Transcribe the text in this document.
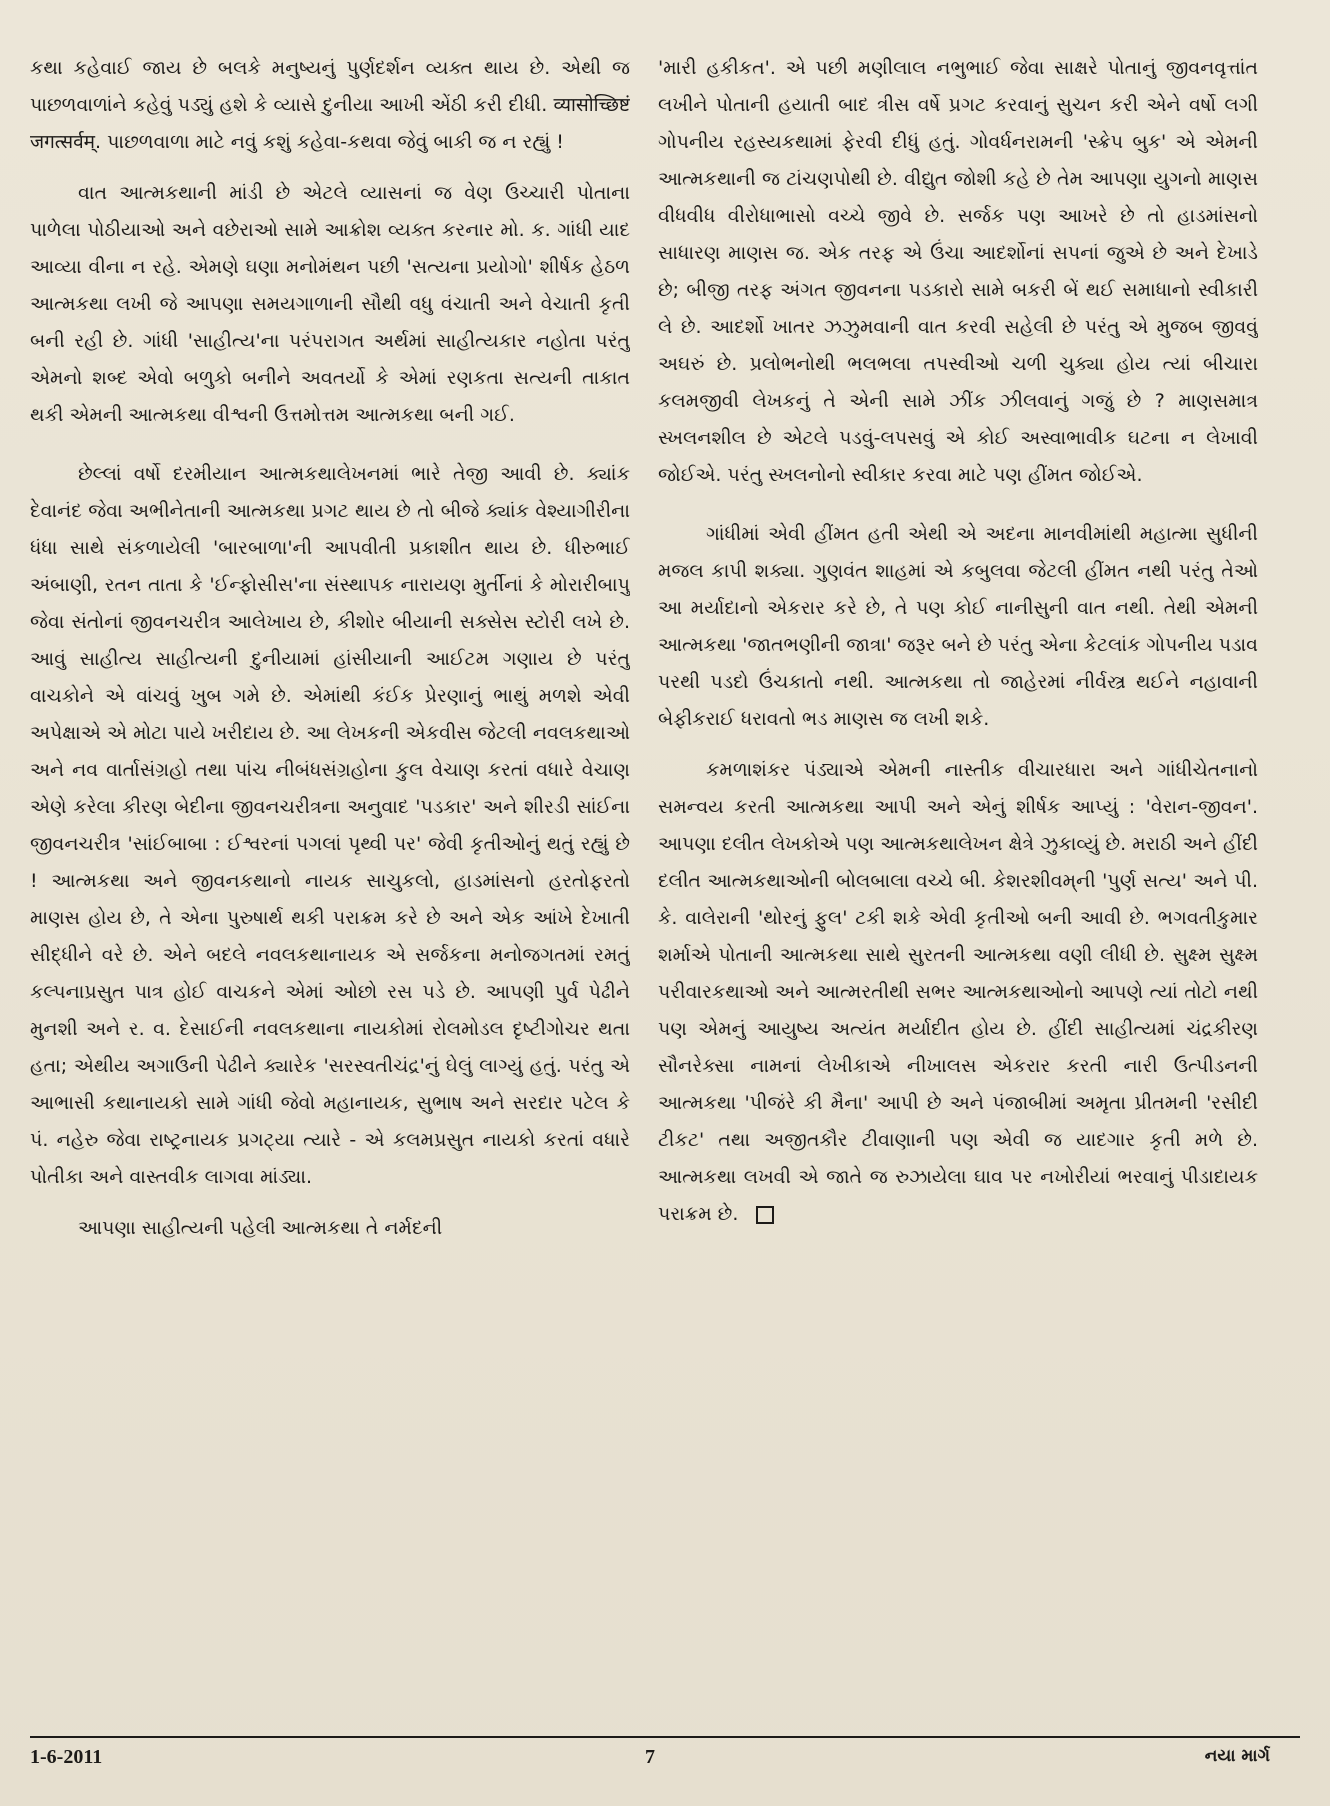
કથા કહેવાઈ જાય છે બલકે મનુષ્યનું પુર્ણદર્શન વ્યક્ત થાય છે. એથી જ પાછળવાળાંને કહેવું પડ્યું હશે કે વ્યાસે દુનીયા આખી એંઠી કરી દીધી. व्यासोच्छिष्टं जगत्सर्वम्. પાછળવાળા માટે નવું કશું કહેવા-કથવા જેવું બાકી જ ન રહ્યું !

વાત આત્મકથાની માંડી છે એટલે વ્યાસનાં જ વેણ ઉચ્ચારી પોતાના પાળેલા પોઠીયાઓ અને વછેરાઓ સામે આક્રોશ વ્યક્ત કરનાર મો. ક. ગાંધી યાદ આવ્યા વીના ન રહે. એમણે ઘણા મનોમંથન પછી 'સત્યના પ્રયોગો' શીર્ષક હેઠળ આત્મકથા લખી જે આપણા સમયગાળાની સૌથી વધુ વંચાતી અને વેચાતી કૃતી બની રહી છે. ગાંધી 'સાહીત્ય'ના પરંપરાગત અર્થમાં સાહીત્યકાર નહોતા પરંતુ એમનો શબ્દ એવો બળુકો બનીને અવતર્યો કે એમાં રણકતા સત્યની તાકાત થકી એમની આત્મકથા વીશ્વની ઉત્તમોત્તમ આત્મકથા બની ગઈ.

છેલ્લાં વર્ષો દરમીયાન આત્મકથાલેખનમાં ભારે તેજી આવી છે. ક્યાંક દેવાનંદ જેવા અભીનેતાની આત્મકથા પ્રગટ થાય છે તો બીજે ક્યાંક વેશ્યાગીરીના ધંધા સાથે સંકળાયેલી 'બારબાળા'ની આપવીતી પ્રકાશીત થાય છે. ધીરુભાઈ અંબાણી, રતન તાતા કે 'ઈન્ફોસીસ'ના સંસ્થાપક નારાયણ મુર્તીનાં કે મોરારીબાપુ જેવા સંતોનાં જીવનચરીત્ર આલેખાય છે, કીશોર બીયાની સક્સેસ સ્ટોરી લખે છે. આવું સાહીત્ય સાહીત્યની દુનીયામાં હાંસીયાની આઈટમ ગણાય છે પરંતુ વાચકોને એ વાંચવું ખુબ ગમે છે. એમાંથી કંઈક પ્રેરણાનું ભાથું મળશે એવી અપેક્ષાએ એ મોટા પાયે ખરીદાય છે. આ લેખકની એકવીસ જેટલી નવલકથાઓ અને નવ વાર્તાસંગ્રહો તથા પાંચ નીબંધસંગ્રહોના કુલ વેચાણ કરતાં વધારે વેચાણ એણે કરેલા કીરણ બેદીના જીવનચરીત્રના અનુવાદ 'પડકાર' અને શીરડી સાંઈના જીવનચરીત્ર 'સાંઈબાબા : ઈશ્વરનાં પગલાં પૃથ્વી પર' જેવી કૃતીઓનું થતું રહ્યું છે ! આત્મકથા અને જીવનકથાનો નાયક સાચુકલો, હાડમાંસનો હરતોફરતો માણસ હોય છે, તે એના પુરુષાર્થ થકી પરાક્રમ કરે છે અને એક આંખે દેખાતી સીદ્ધીને વરે છે. એને બદલે નવલકથાનાયક એ સર્જકના મનોજગતમાં રમતું કલ્પનાપ્રસુત પાત્ર હોઈ વાચકને એમાં ઓછો રસ પડે છે. આપણી પુર્વ પેઢીને મુનશી અને ર. વ. દેસાઈની નવલકથાના નાયકોમાં રોલમોડલ દૃષ્ટીગોચર થતા હતા; એથીય અગાઉની પેઢીને ક્યારેક 'સરસ્વતીચંદ્ર'નું ઘેલું લાગ્યું હતું. પરંતુ એ આભાસી કથાનાયકો સામે ગાંધી જેવો મહાનાયક, સુભાષ અને સરદાર પટેલ કે પં. નહેરુ જેવા રાષ્ટ્રનાયક પ્રગટ્યા ત્યારે - એ કલમપ્રસુત નાયકો કરતાં વધારે પોતીકા અને વાસ્તવીક લાગવા માંડ્યા.

આપણા સાહીત્યની પહેલી આત્મકથા તે નર્મદની

'મારી હકીકત'. એ પછી મણીલાલ નભુભાઈ જેવા સાક્ષરે પોતાનું જીવનવૃત્તાંત લખીને પોતાની હયાતી બાદ ત્રીસ વર્ષે પ્રગટ કરવાનું સુચન કરી એને વર્ષો લગી ગોપનીય રહસ્યકથામાં ફેરવી દીધું હતું. ગોવર્ધનરામની 'સ્ક્રેપ બુક' એ એમની આત્મકથાની જ ટાંચણપોથી છે. વીદ્યુત જોશી કહે છે તેમ આપણા યુગનો માણસ વીધવીધ વીરોધાભાસો વચ્ચે જીવે છે. સર્જક પણ આખરે છે તો હાડમાંસનો સાધારણ માણસ જ. એક તરફ એ ઉંચા આદર્શોનાં સપનાં જુએ છે અને દેખાડે છે; બીજી તરફ અંગત જીવનના પડકારો સામે બકરી બેં થઈ સમાધાનો સ્વીકારી લે છે. આદર્શો ખાતર ઝઝુમવાની વાત કરવી સહેલી છે પરંતુ એ મુજબ જીવવું અઘરું છે. પ્રલોભનોથી ભલભલા તપસ્વીઓ ચળી ચુક્યા હોય ત્યાં બીચારા કલમજીવી લેખકનું તે એની સામે ઝીંક ઝીલવાનું ગજું છે ? માણસમાત્ર સ્ખલનશીલ છે એટલે પડવું-લપસવું એ કોઈ અસ્વાભાવીક ઘટના ન લેખાવી જોઈએ. પરંતુ સ્ખલનોનો સ્વીકાર કરવા માટે પણ હીંમત જોઈએ.

ગાંધીમાં એવી હીંમત હતી એથી એ અદના માનવીમાંથી મહાત્મા સુધીની મજલ કાપી શક્યા. ગુણવંત શાહમાં એ કબુલવા જેટલી હીંમત નથી પરંતુ તેઓ આ મર્યાદાનો એકરાર કરે છે, તે પણ કોઈ નાનીસુની વાત નથી. તેથી એમની આત્મકથા 'જાતભણીની જાત્રા' જરૂર બને છે પરંતુ એના કેટલાંક ગોપનીય પડાવ પરથી પડદો ઉંચકાતો નથી. આત્મકથા તો જાહેરમાં નીર્વસ્ત્ર થઈને નહાવાની બેફીકરાઈ ધરાવતો ભડ માણસ જ લખી શકે.

કમળાશંકર પંડ્યાએ એમની નાસ્તીક વીચારધારા અને ગાંધીચેતનાનો સમન્વય કરતી આત્મકથા આપી અને એનું શીર્ષક આપ્યું : 'વેરાન-જીવન'. આપણા દલીત લેખકોએ પણ આત્મકથાલેખન ક્ષેત્રે ઝુકાવ્યું છે. મરાઠી અને હીંદી દલીત આત્મકથાઓની બોલબાલા વચ્ચે બી. કેશરશીવમ્‌ની 'પુર્ણ સત્ય' અને પી. કે. વાલેરાની 'થોરનું ફુલ' ટકી શકે એવી કૃતીઓ બની આવી છે. ભગવતીકુમાર શર્માએ પોતાની આત્મકથા સાથે સુરતની આત્મકથા વણી લીધી છે. સુક્ષ્મ સુક્ષ્મ પરીવારકથાઓ અને આત્મરતીથી સભર આત્મકથાઓનો આપણે ત્યાં તોટો નથી પણ એમનું આયુષ્ય અત્યંત મર્યાદીત હોય છે. હીંદી સાહીત્યમાં ચંદ્રકીરણ સૌનરેક્સા નામનાં લેખીકાએ નીખાલસ એકરાર કરતી નારી ઉત્પીડનની આત્મકથા 'પીજંરે કી મૈના' આપી છે અને પંજાબીમાં અમૃતા પ્રીતમની 'રસીદી ટીકટ' તથા અજીતકૌર ટીવાણાની પણ એવી જ યાદગાર કૃતી મળે છે. આત્મકથા લખવી એ જાતે જ રુઝાયેલા ઘાવ પર નખોરીયાં ભરવાનું પીડાદાયક પરાક્રમ છે.

1-6-2011	7	નયા માર્ગ
